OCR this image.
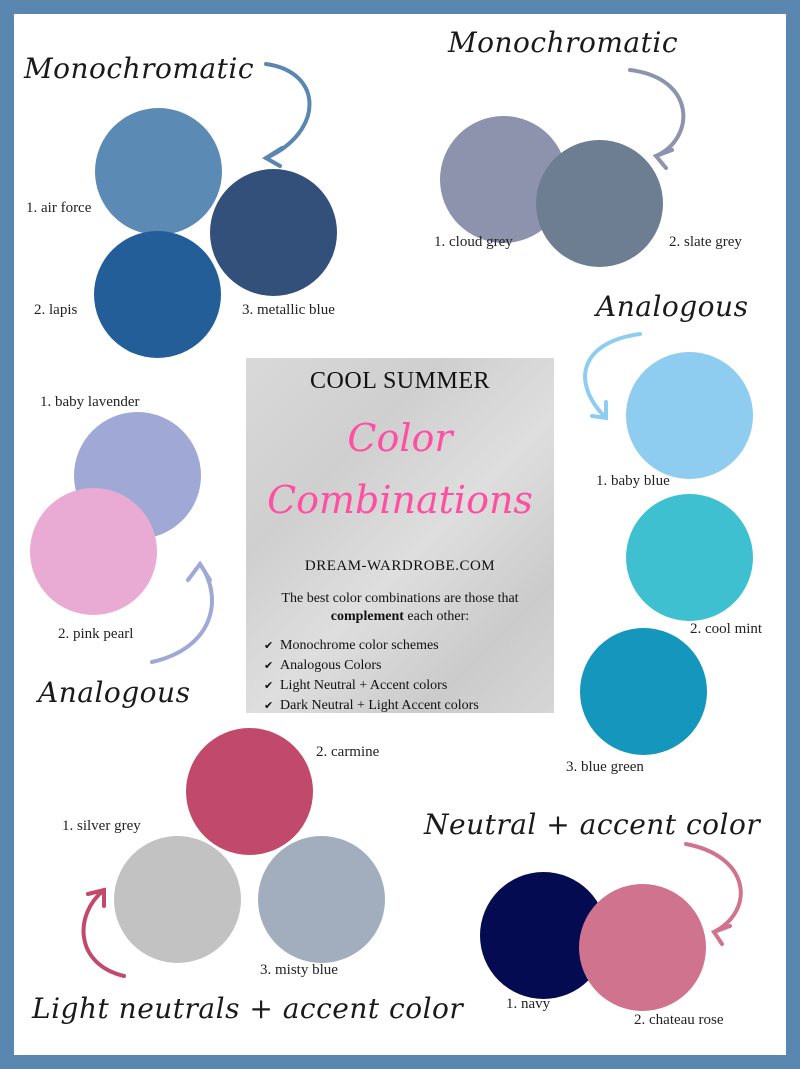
Monochromatic
1. air force
2. lapis	3. metallic blue
Monochromatic
1. cloud grey	2. slate grey
Analogous
1. baby blue
2. cool mint
3. blue green
1. baby lavender
2. pink pearl
Analogous
COOL SUMMER
Color
Combinations
DREAM-WARDROBE.COM
The best color combinations are those that complement each other:
✔ Monochrome color schemes
✔ Analogous Colors
✔ Light Neutral + Accent colors
✔ Dark Neutral + Light Accent colors
2. carmine
1. silver grey
3. misty blue
Light neutrals + accent color
Neutral + accent color
1. navy
2. chateau rose
